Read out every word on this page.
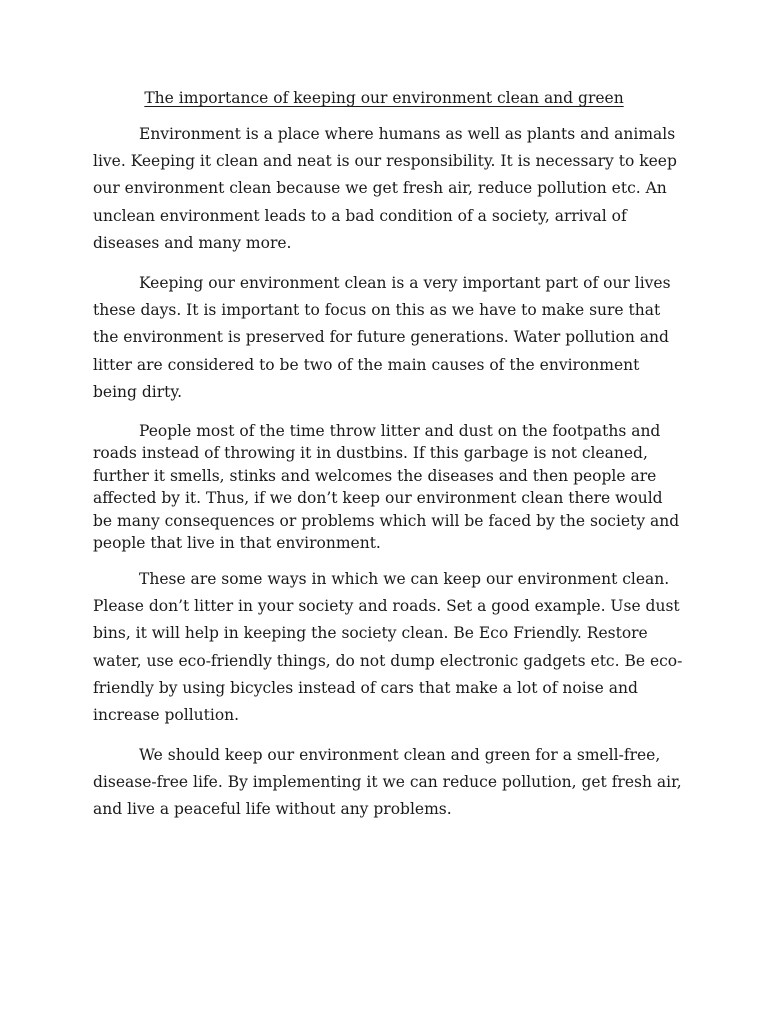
The importance of keeping our environment clean and green

Environment is a place where humans as well as plants and animals live. Keeping it clean and neat is our responsibility. It is necessary to keep our environment clean because we get fresh air, reduce pollution etc. An unclean environment leads to a bad condition of a society, arrival of diseases and many more.

Keeping our environment clean is a very important part of our lives these days. It is important to focus on this as we have to make sure that the environment is preserved for future generations. Water pollution and litter are considered to be two of the main causes of the environment being dirty.

People most of the time throw litter and dust on the footpaths and roads instead of throwing it in dustbins. If this garbage is not cleaned, further it smells, stinks and welcomes the diseases and then people are affected by it. Thus, if we don’t keep our environment clean there would be many consequences or problems which will be faced by the society and people that live in that environment.

These are some ways in which we can keep our environment clean. Please don’t litter in your society and roads. Set a good example. Use dust bins, it will help in keeping the society clean. Be Eco Friendly. Restore water, use eco-friendly things, do not dump electronic gadgets etc. Be eco-friendly by using bicycles instead of cars that make a lot of noise and increase pollution.

We should keep our environment clean and green for a smell-free, disease-free life. By implementing it we can reduce pollution, get fresh air, and live a peaceful life without any problems.
